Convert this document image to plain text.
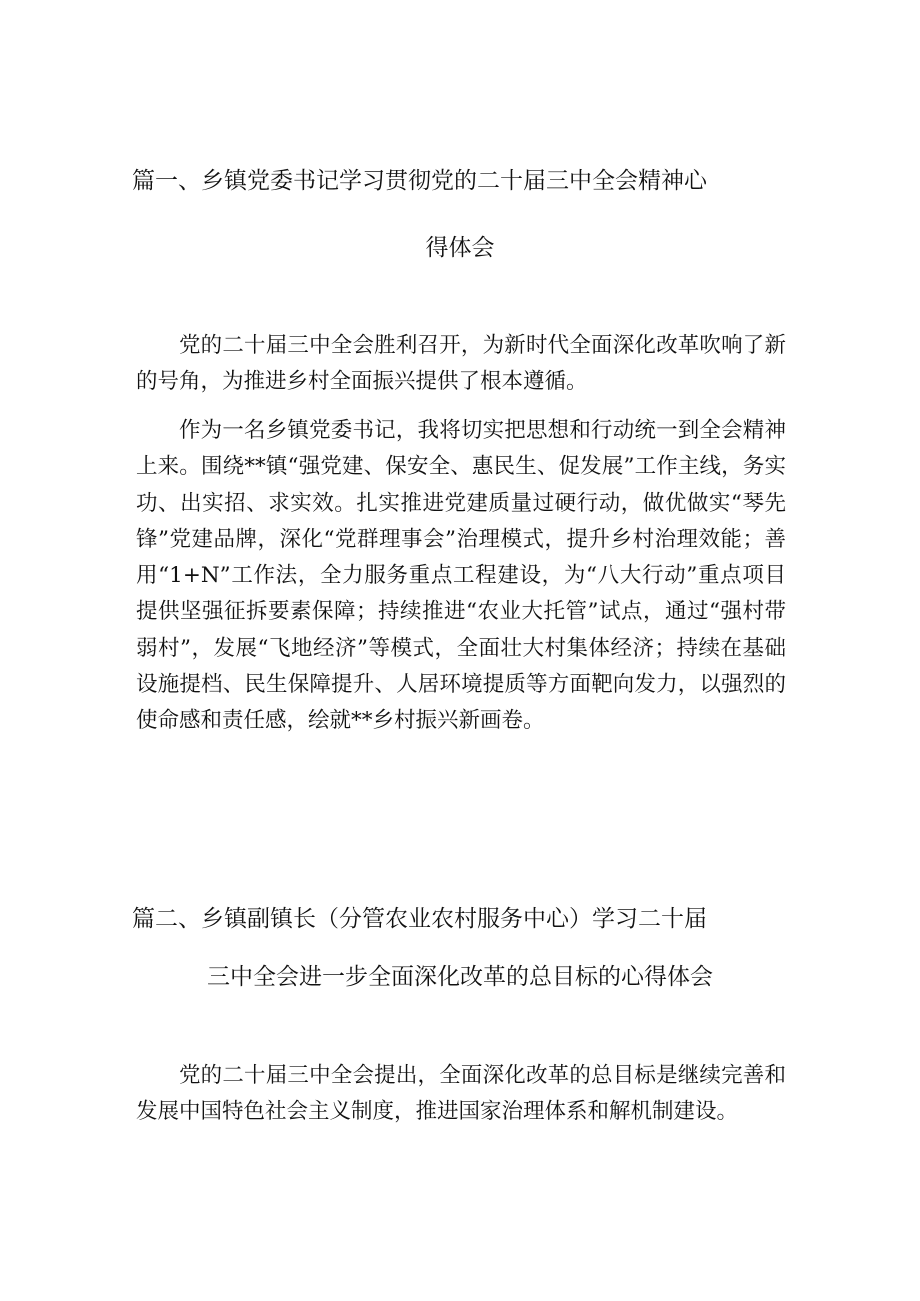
篇一、乡镇党委书记学习贯彻党的二十届三中全会精神心
得体会

党的二十届三中全会胜利召开，为新时代全面深化改革吹响了新的号角，为推进乡村全面振兴提供了根本遵循。

作为一名乡镇党委书记，我将切实把思想和行动统一到全会精神上来。围绕**镇“强党建、保安全、惠民生、促发展”工作主线，务实功、出实招、求实效。扎实推进党建质量过硬行动，做优做实“琴先锋”党建品牌，深化“党群理事会”治理模式，提升乡村治理效能；善用“1+N”工作法，全力服务重点工程建设，为“八大行动”重点项目提供坚强征拆要素保障；持续推进“农业大托管”试点，通过“强村带弱村”，发展“飞地经济”等模式，全面壮大村集体经济；持续在基础设施提档、民生保障提升、人居环境提质等方面靶向发力，以强烈的使命感和责任感，绘就**乡村振兴新画卷。

篇二、乡镇副镇长（分管农业农村服务中心）学习二十届
三中全会进一步全面深化改革的总目标的心得体会

党的二十届三中全会提出，全面深化改革的总目标是继续完善和发展中国特色社会主义制度，推进国家治理体系和解机制建设。
